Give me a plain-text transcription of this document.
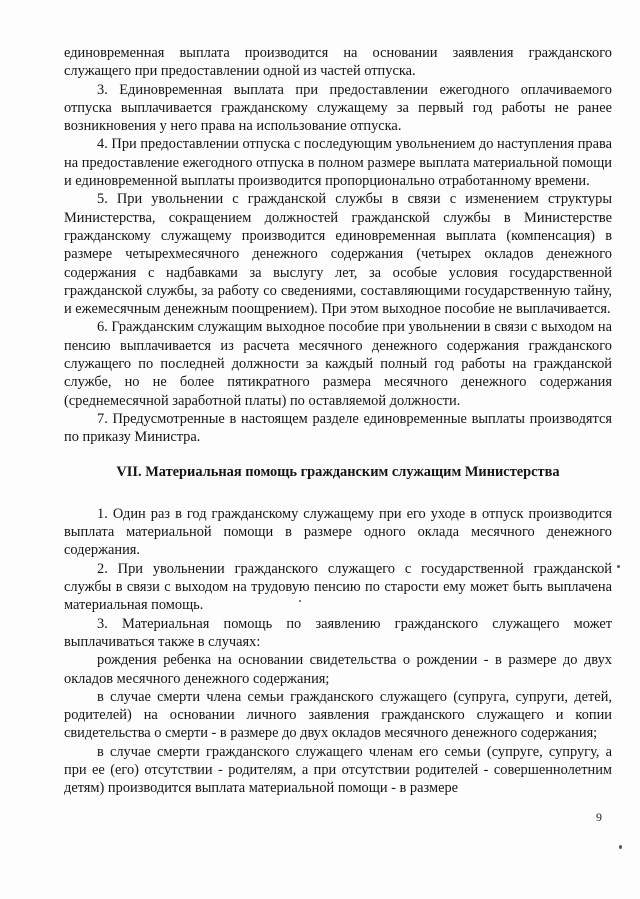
единовременная выплата производится на основании заявления гражданского служащего при предоставлении одной из частей отпуска.

3. Единовременная выплата при предоставлении ежегодного оплачиваемого отпуска выплачивается гражданскому служащему за первый год работы не ранее возникновения у него права на использование отпуска.

4. При предоставлении отпуска с последующим увольнением до наступления права на предоставление ежегодного отпуска в полном размере выплата материальной помощи и единовременной выплаты производится пропорционально отработанному времени.

5. При увольнении с гражданской службы в связи с изменением структуры Министерства, сокращением должностей гражданской службы в Министерстве гражданскому служащему производится единовременная выплата (компенсация) в размере четырехмесячного денежного содержания (четырех окладов денежного содержания с надбавками за выслугу лет, за особые условия государственной гражданской службы, за работу со сведениями, составляющими государственную тайну, и ежемесячным денежным поощрением). При этом выходное пособие не выплачивается.

6. Гражданским служащим выходное пособие при увольнении в связи с выходом на пенсию выплачивается из расчета месячного денежного содержания гражданского служащего по последней должности за каждый полный год работы на гражданской службе, но не более пятикратного размера месячного денежного содержания (среднемесячной заработной платы) по оставляемой должности.

7. Предусмотренные в настоящем разделе единовременные выплаты производятся по приказу Министра.

VII. Материальная помощь гражданским служащим Министерства

1. Один раз в год гражданскому служащему при его уходе в отпуск производится выплата материальной помощи в размере одного оклада месячного денежного содержания.

2. При увольнении гражданского служащего с государственной гражданской службы в связи с выходом на трудовую пенсию по старости ему может быть выплачена материальная помощь.

3. Материальная помощь по заявлению гражданского служащего может выплачиваться также в случаях:

рождения ребенка на основании свидетельства о рождении - в размере до двух окладов месячного денежного содержания;

в случае смерти члена семьи гражданского служащего (супруга, супруги, детей, родителей) на основании личного заявления гражданского служащего и копии свидетельства о смерти - в размере до двух окладов месячного денежного содержания;

в случае смерти гражданского служащего членам его семьи (супруге, супругу, а при ее (его) отсутствии - родителям, а при отсутствии родителей - совершеннолетним детям) производится выплата материальной помощи - в размере

9
